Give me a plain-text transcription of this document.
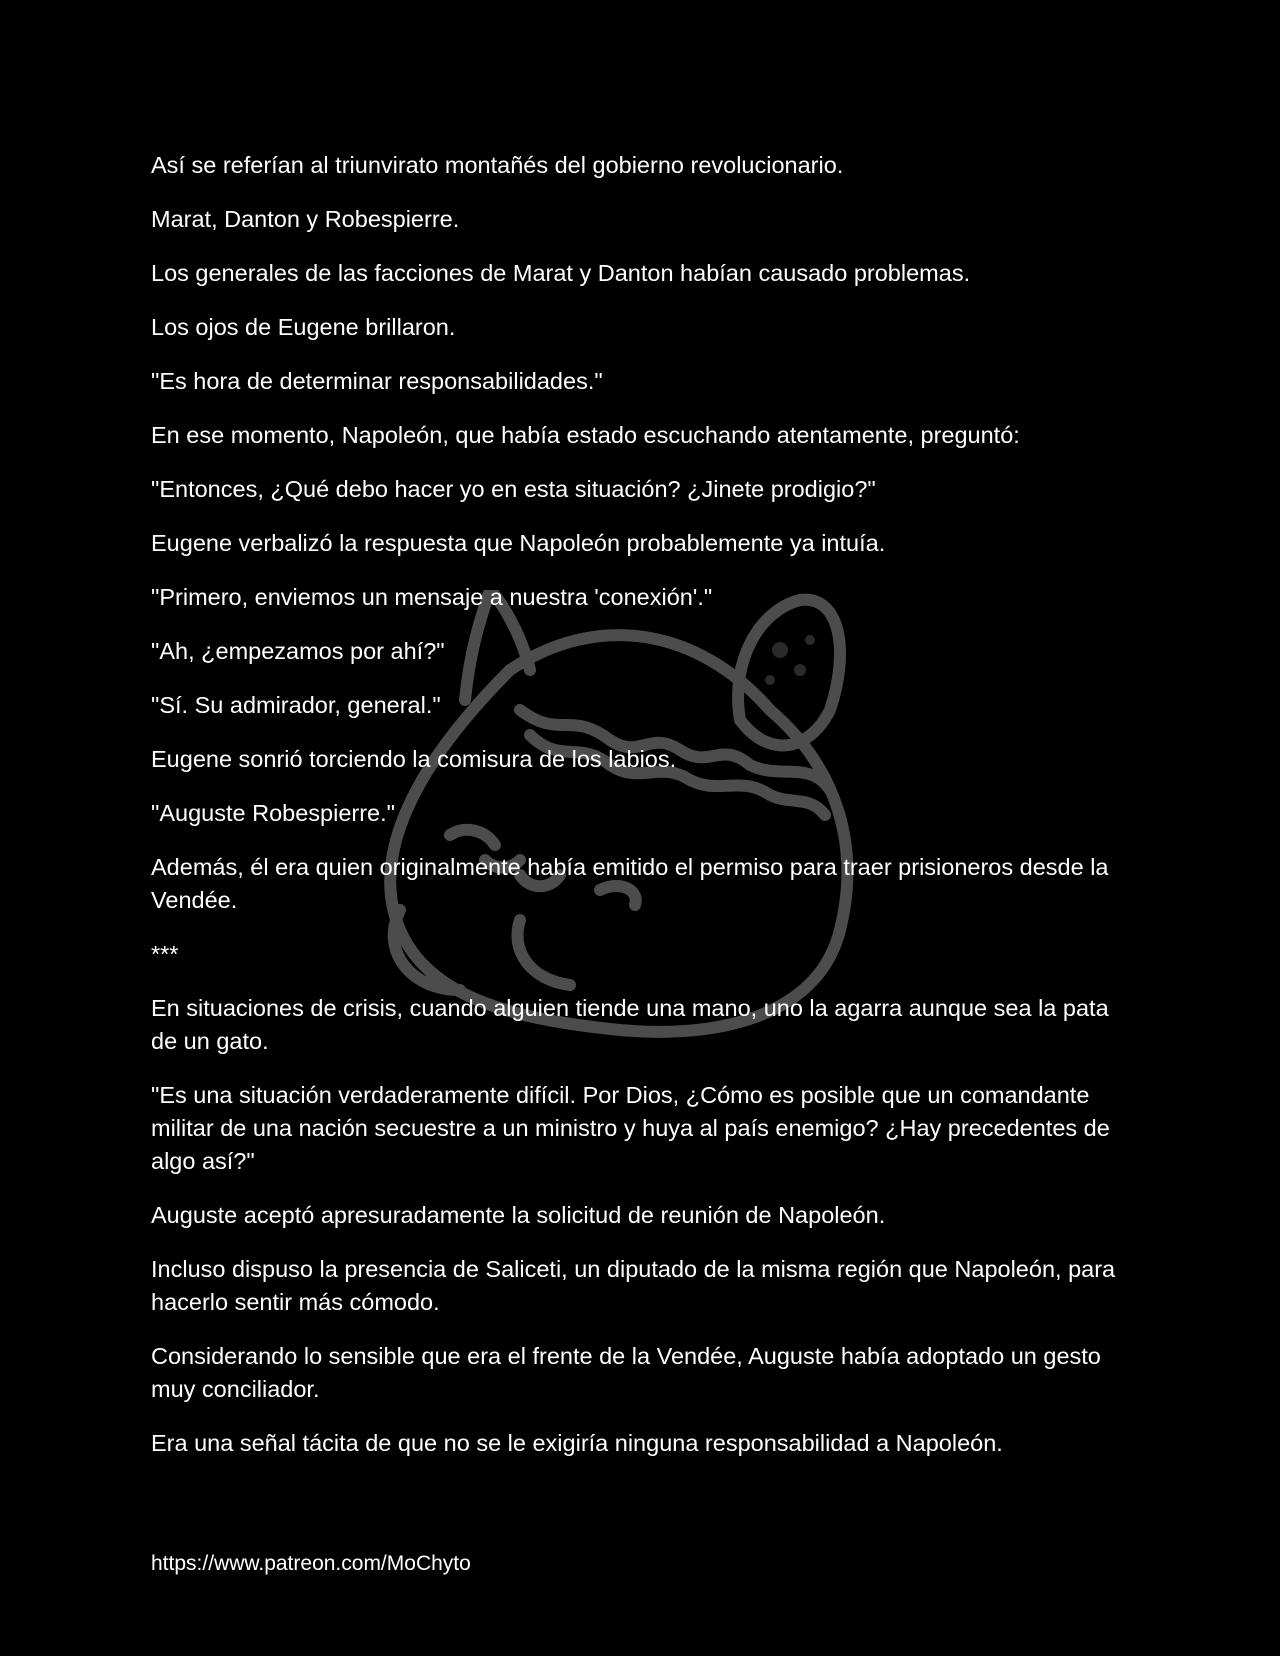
Así se referían al triunvirato montañés del gobierno revolucionario.

Marat, Danton y Robespierre.

Los generales de las facciones de Marat y Danton habían causado problemas.

Los ojos de Eugene brillaron.

"Es hora de determinar responsabilidades."

En ese momento, Napoleón, que había estado escuchando atentamente, preguntó:

"Entonces, ¿Qué debo hacer yo en esta situación? ¿Jinete prodigio?"

Eugene verbalizó la respuesta que Napoleón probablemente ya intuía.

"Primero, enviemos un mensaje a nuestra 'conexión'."

"Ah, ¿empezamos por ahí?"

"Sí. Su admirador, general."

Eugene sonrió torciendo la comisura de los labios.

"Auguste Robespierre."

Además, él era quien originalmente había emitido el permiso para traer prisioneros desde la Vendée.

***

En situaciones de crisis, cuando alguien tiende una mano, uno la agarra aunque sea la pata de un gato.

"Es una situación verdaderamente difícil. Por Dios, ¿Cómo es posible que un comandante militar de una nación secuestre a un ministro y huya al país enemigo? ¿Hay precedentes de algo así?"

Auguste aceptó apresuradamente la solicitud de reunión de Napoleón.

Incluso dispuso la presencia de Saliceti, un diputado de la misma región que Napoleón, para hacerlo sentir más cómodo.

Considerando lo sensible que era el frente de la Vendée, Auguste había adoptado un gesto muy conciliador.

Era una señal tácita de que no se le exigiría ninguna responsabilidad a Napoleón.

https://www.patreon.com/MoChyto
